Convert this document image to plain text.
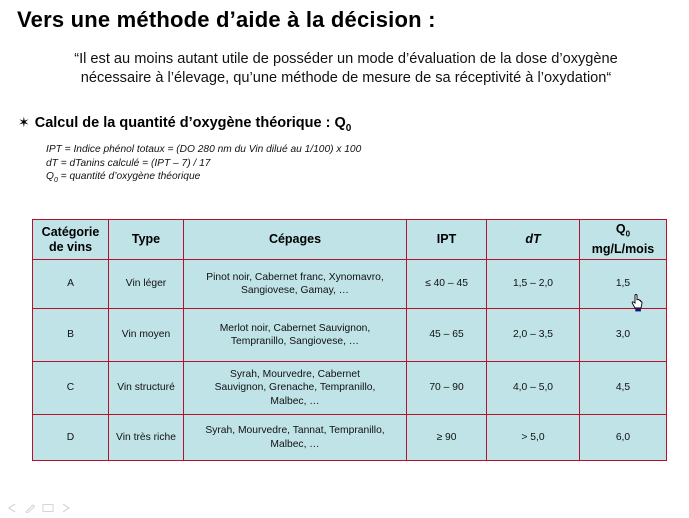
Vers une méthode d’aide à la décision :
“Il est au moins autant utile de posséder un mode d’évaluation de la dose d’oxygène
nécessaire à l’élevage, qu’une méthode de mesure de sa réceptivité à l’oxydation“
✶ Calcul de la quantité d’oxygène théorique : $Q_0$
IPT = Indice phénol totaux = (DO 280 nm du Vin dilué au 1/100) x 100
dT = dTanins calculé = (IPT – 7) / 17
$Q_0$ = quantité d’oxygène théorique
Catégorie
de vins	Type	Cépages	IPT	dT	$Q_0$
mg/L/mois
A	Vin léger	Pinot noir, Cabernet franc, Xynomavro,
Sangiovese, Gamay, …	≤ 40 – 45	1,5 – 2,0	1,5
B	Vin moyen	Merlot noir, Cabernet Sauvignon,
Tempranillo, Sangiovese, …	45 – 65	2,0 – 3,5	3,0
C	Vin structuré	Syrah, Mourvedre, Cabernet
Sauvignon, Grenache, Tempranillo,
Malbec, …	70 – 90	4,0 – 5,0	4,5
D	Vin très riche	Syrah, Mourvedre, Tannat, Tempranillo,
Malbec, …	≥ 90	> 5,0	6,0
